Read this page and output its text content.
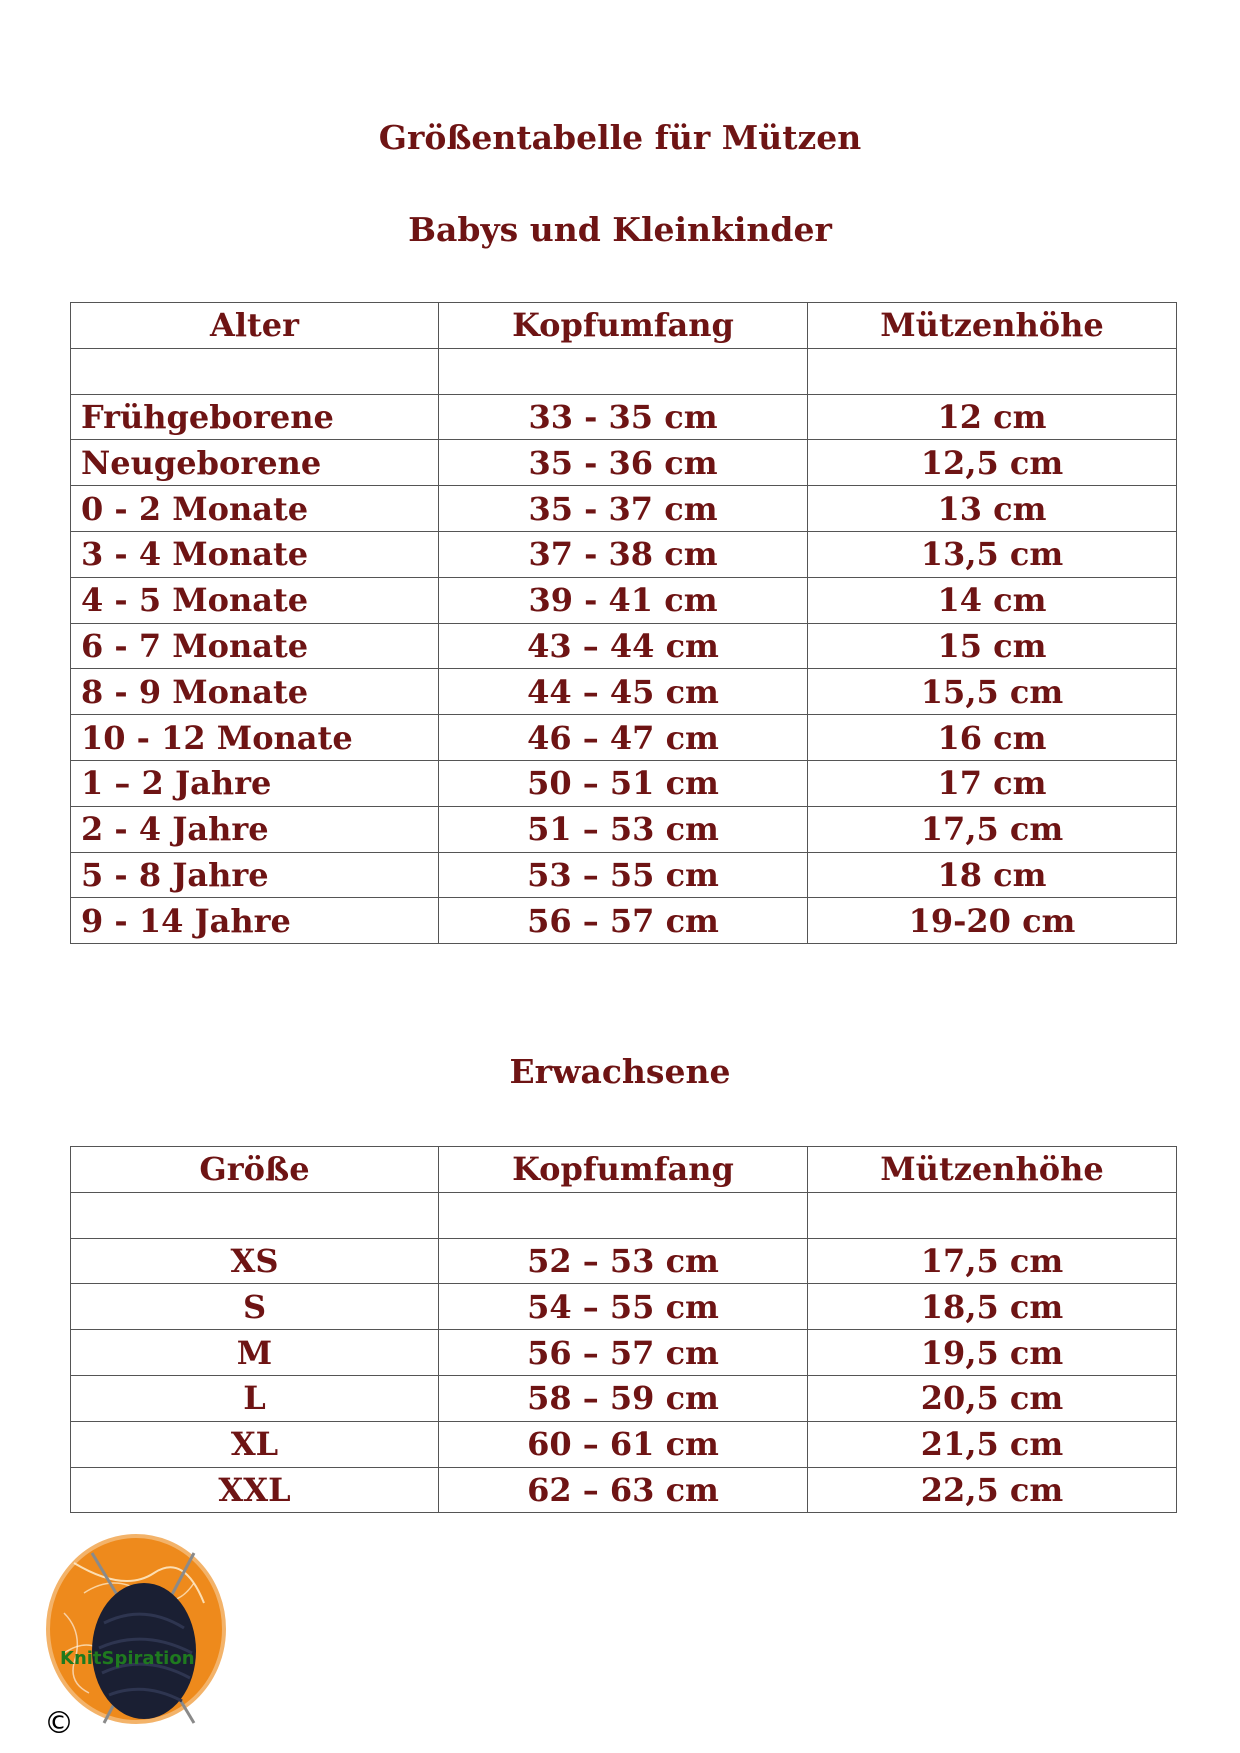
Größentabelle für Mützen
Babys und Kleinkinder
Alter	Kopfumfang	Mützenhöhe

Frühgeborene	33 - 35 cm	12 cm
Neugeborene	35 - 36 cm	12,5 cm
0 - 2 Monate	35 - 37 cm	13 cm
3 - 4 Monate	37 - 38 cm	13,5 cm
4 - 5 Monate	39 - 41 cm	14 cm
6 - 7 Monate	43 – 44 cm	15 cm
8 - 9 Monate	44 – 45 cm	15,5 cm
10 - 12 Monate	46 – 47 cm	16 cm
1 – 2 Jahre	50 – 51 cm	17 cm
2 - 4 Jahre	51 – 53 cm	17,5 cm
5 - 8 Jahre	53 – 55 cm	18 cm
9 - 14 Jahre	56 – 57 cm	19-20 cm
Erwachsene
Größe	Kopfumfang	Mützenhöhe

XS	52 – 53 cm	17,5 cm
S	54 – 55 cm	18,5 cm
M	56 – 57 cm	19,5 cm
L	58 – 59 cm	20,5 cm
XL	60 – 61 cm	21,5 cm
XXL	62 – 63 cm	22,5 cm
KnitSpiration
©
